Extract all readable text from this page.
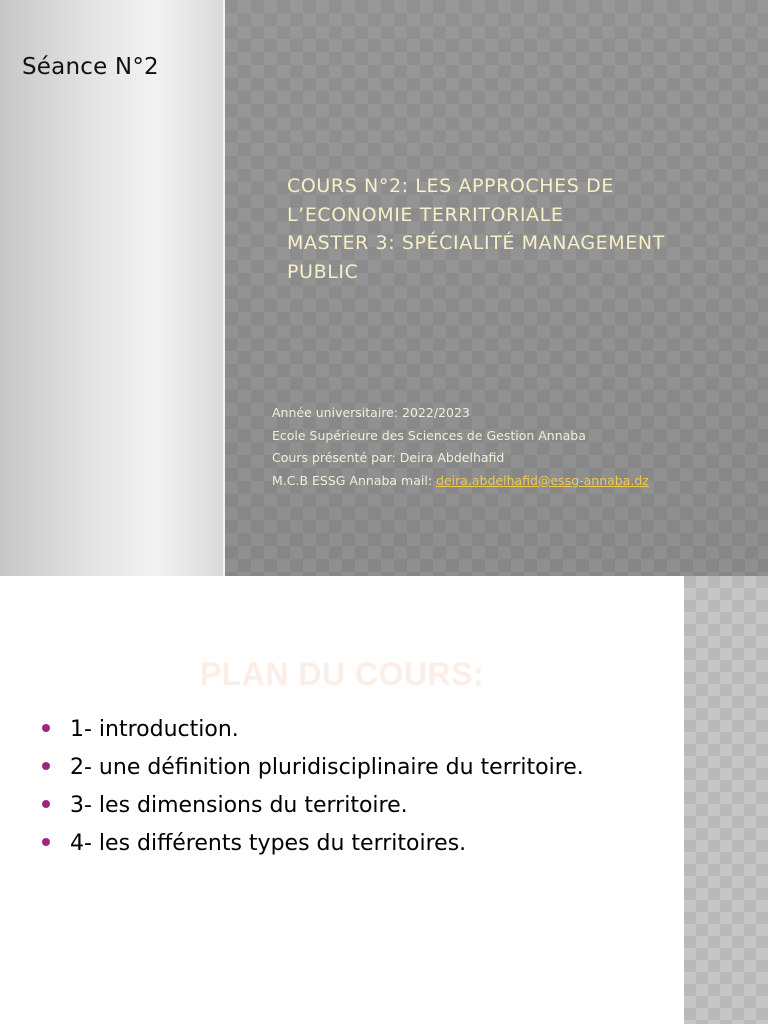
Séance N°2
COURS N°2: LES APPROCHES DE
L’ECONOMIE TERRITORIALE
MASTER 3: SPÉCIALITÉ MANAGEMENT
PUBLIC
Année universitaire: 2022/2023
Ecole Supérieure des Sciences de Gestion Annaba
Cours présenté par: Deira Abdelhafid
M.C.B ESSG Annaba mail: deira.abdelhafid@essg-annaba.dz
PLAN DU COURS:
1- introduction.
2- une définition pluridisciplinaire du territoire.
3- les dimensions du territoire.
4- les différents types du territoires.
